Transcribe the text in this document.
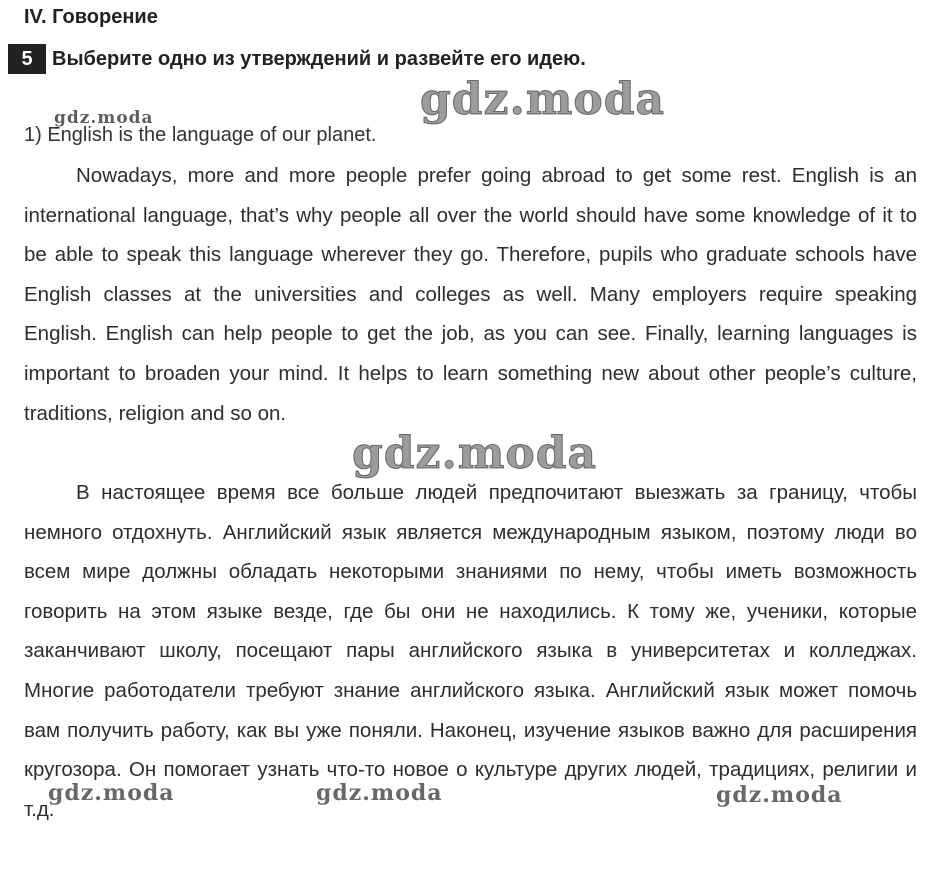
IV. Говорение
5 Выберите одно из утверждений и развейте его идею.
gdz.moda	gdz.moda
1) English is the language of our planet.

Nowadays, more and more people prefer going abroad to get some rest. English is an international language, that’s why people all over the world should have some knowledge of it to be able to speak this language wherever they go. Therefore, pupils who graduate schools have English classes at the universities and colleges as well. Many employers require speaking English. English can help people to get the job, as you can see. Finally, learning languages is important to broaden your mind. It helps to learn something new about other people’s culture, traditions, religion and so on.

gdz.moda

В настоящее время все больше людей предпочитают выезжать за границу, чтобы немного отдохнуть. Английский язык является международным языком, поэтому люди во всем мире должны обладать некоторыми знаниями по нему, чтобы иметь возможность говорить на этом языке везде, где бы они не находились. К тому же, ученики, которые заканчивают школу, посещают пары английского языка в университетах и колледжах. Многие работодатели требуют знание английского языка. Английский язык может помочь вам получить работу, как вы уже поняли. Наконец, изучение языков важно для расширения кругозора. Он помогает узнать что-то новое о культуре других людей, традициях, религии и т.д.

gdz.moda	gdz.moda	gdz.moda
